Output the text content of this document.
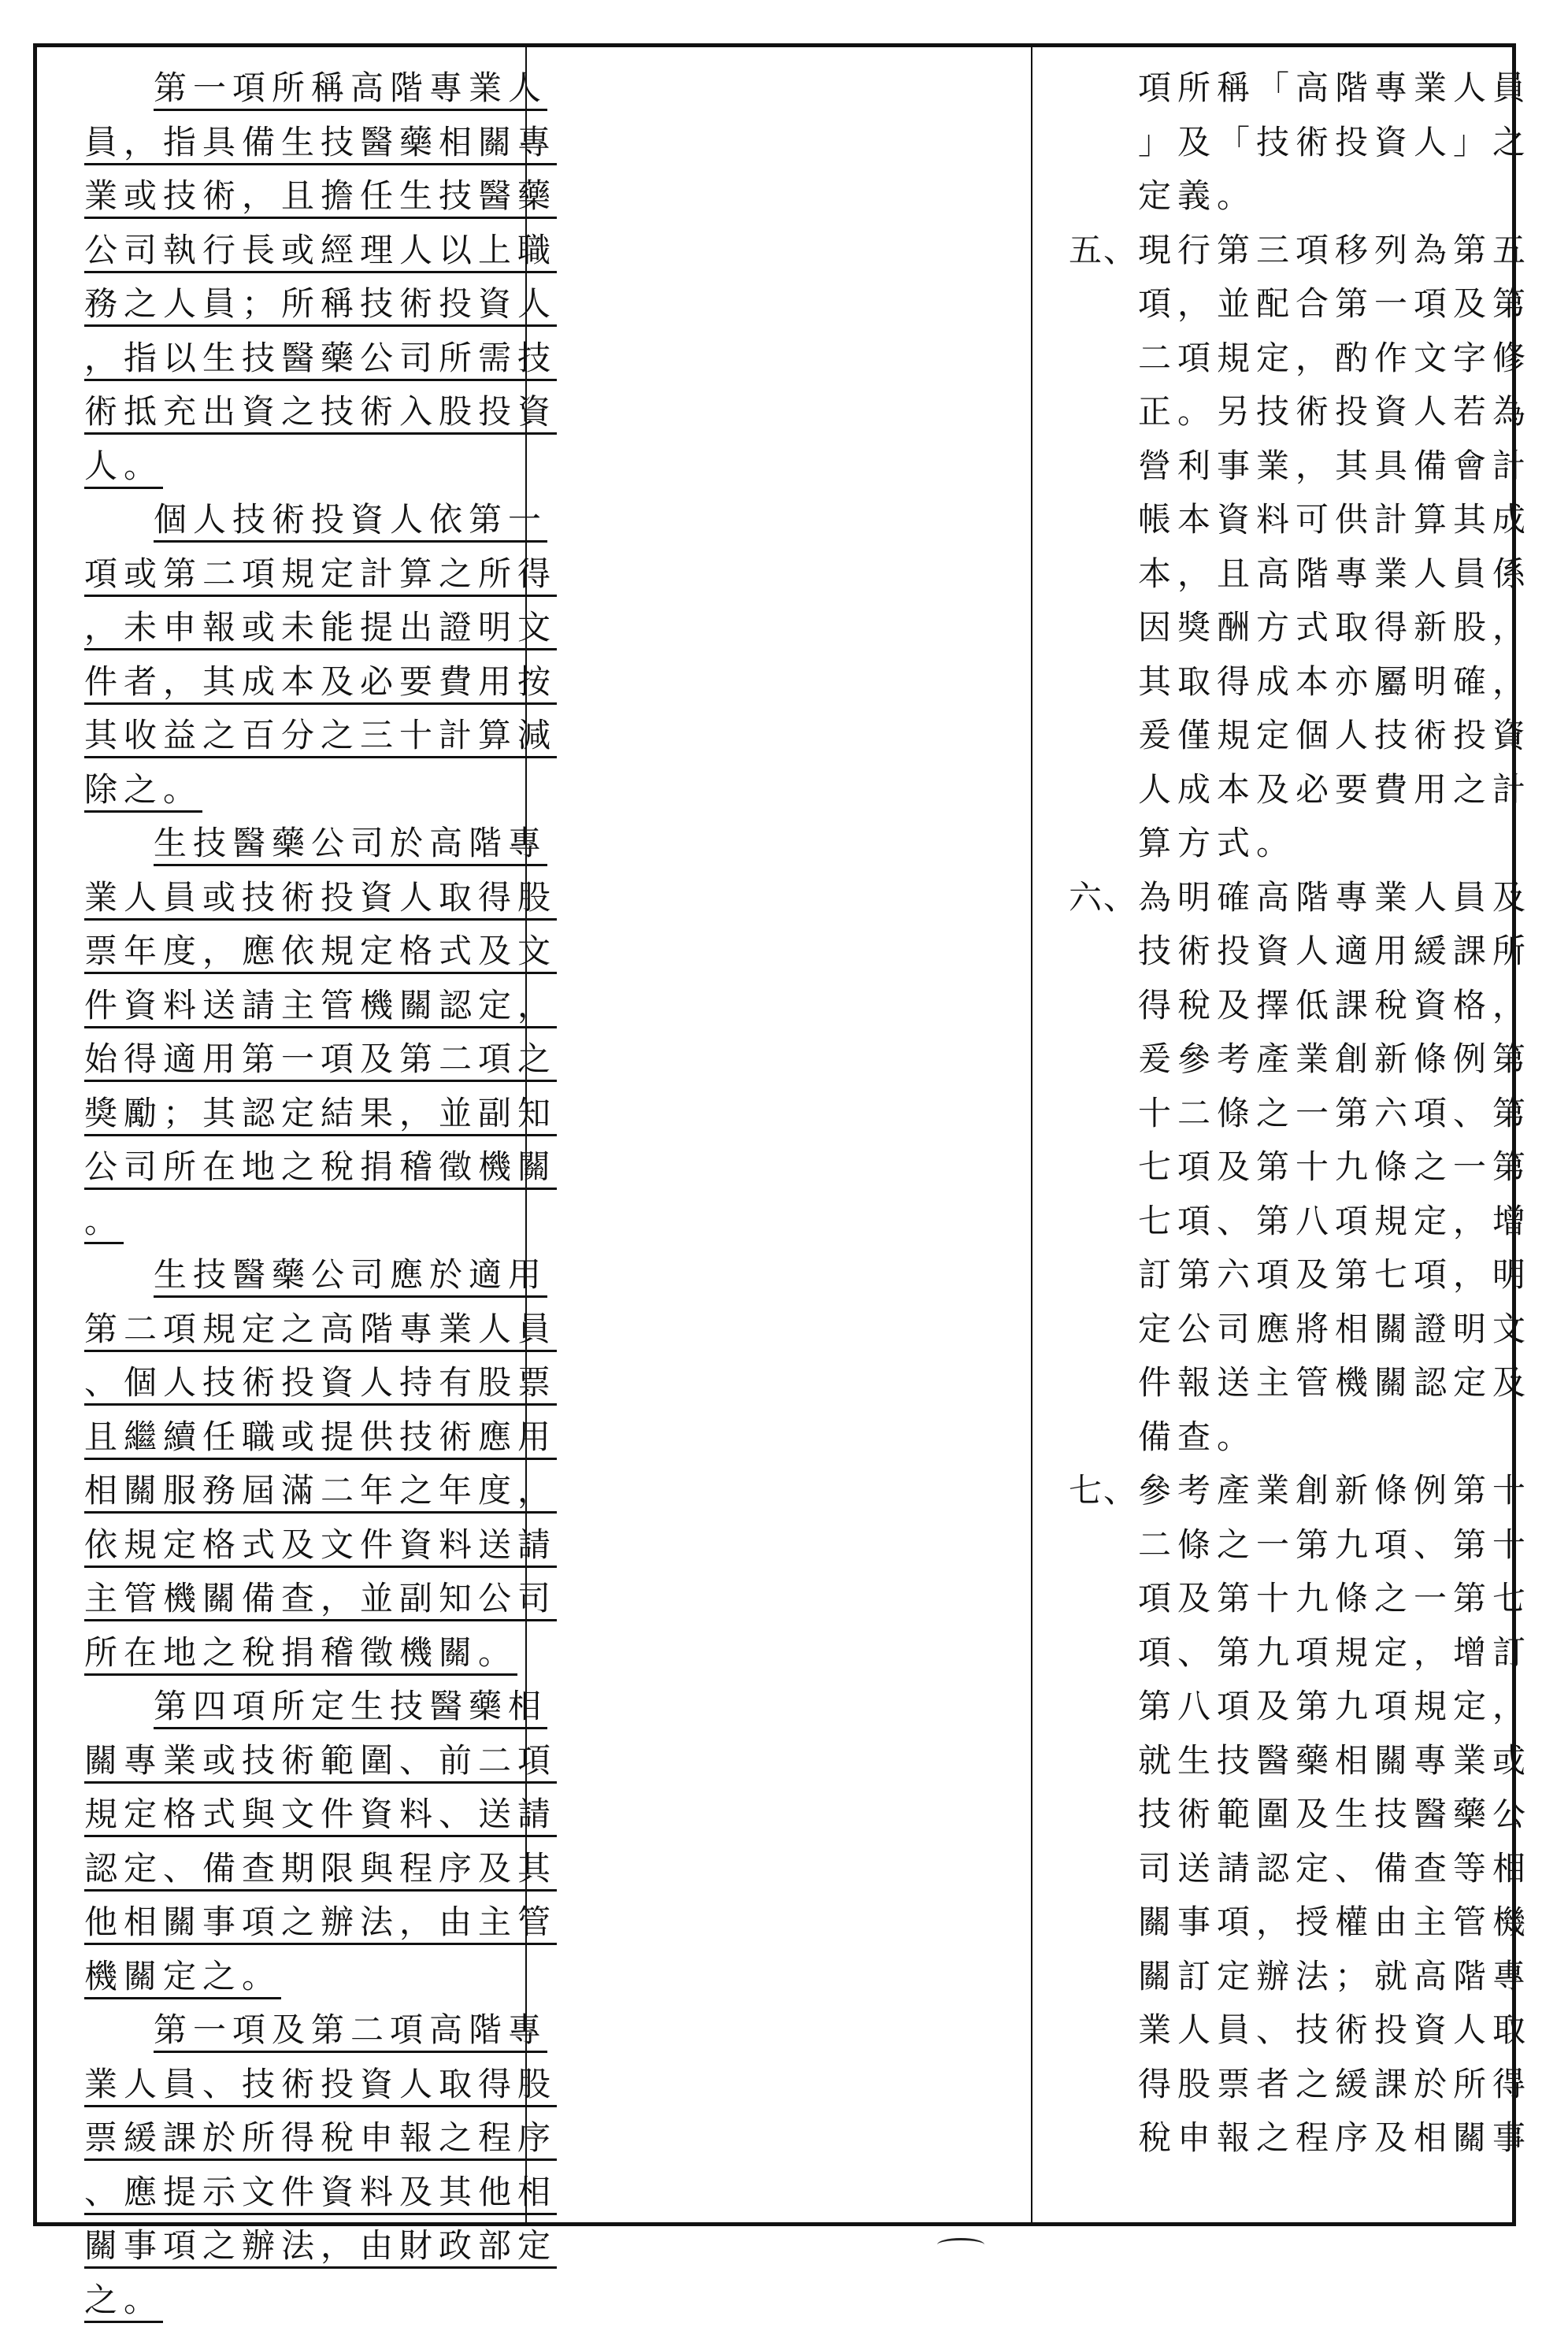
第一項所稱高階專業人
員，指具備生技醫藥相關專
業或技術，且擔任生技醫藥
公司執行長或經理人以上職
務之人員；所稱技術投資人
，指以生技醫藥公司所需技
術抵充出資之技術入股投資
人。
個人技術投資人依第一
項或第二項規定計算之所得
，未申報或未能提出證明文
件者，其成本及必要費用按
其收益之百分之三十計算減
除之。
生技醫藥公司於高階專
業人員或技術投資人取得股
票年度，應依規定格式及文
件資料送請主管機關認定，
始得適用第一項及第二項之
獎勵；其認定結果，並副知
公司所在地之稅捐稽徵機關
。
生技醫藥公司應於適用
第二項規定之高階專業人員
、個人技術投資人持有股票
且繼續任職或提供技術應用
相關服務屆滿二年之年度，
依規定格式及文件資料送請
主管機關備查，並副知公司
所在地之稅捐稽徵機關。
第四項所定生技醫藥相
關專業或技術範圍、前二項
規定格式與文件資料、送請
認定、備查期限與程序及其
他相關事項之辦法，由主管
機關定之。
第一項及第二項高階專
業人員、技術投資人取得股
票緩課於所得稅申報之程序
、應提示文件資料及其他相
關事項之辦法，由財政部定
之。
項所稱「高階專業人員
」及「技術投資人」之
定義。
五、 現行第三項移列為第五
項，並配合第一項及第
二項規定，酌作文字修
正。另技術投資人若為
營利事業，其具備會計
帳本資料可供計算其成
本，且高階專業人員係
因獎酬方式取得新股，
其取得成本亦屬明確，
爰僅規定個人技術投資
人成本及必要費用之計
算方式。
六、 為明確高階專業人員及
技術投資人適用緩課所
得稅及擇低課稅資格，
爰參考產業創新條例第
十二條之一第六項、第
七項及第十九條之一第
七項、第八項規定，增
訂第六項及第七項，明
定公司應將相關證明文
件報送主管機關認定及
備查。
七、 參考產業創新條例第十
二條之一第九項、第十
項及第十九條之一第七
項、第九項規定，增訂
第八項及第九項規定，
就生技醫藥相關專業或
技術範圍及生技醫藥公
司送請認定、備查等相
關事項，授權由主管機
關訂定辦法；就高階專
業人員、技術投資人取
得股票者之緩課於所得
稅申報之程序及相關事
